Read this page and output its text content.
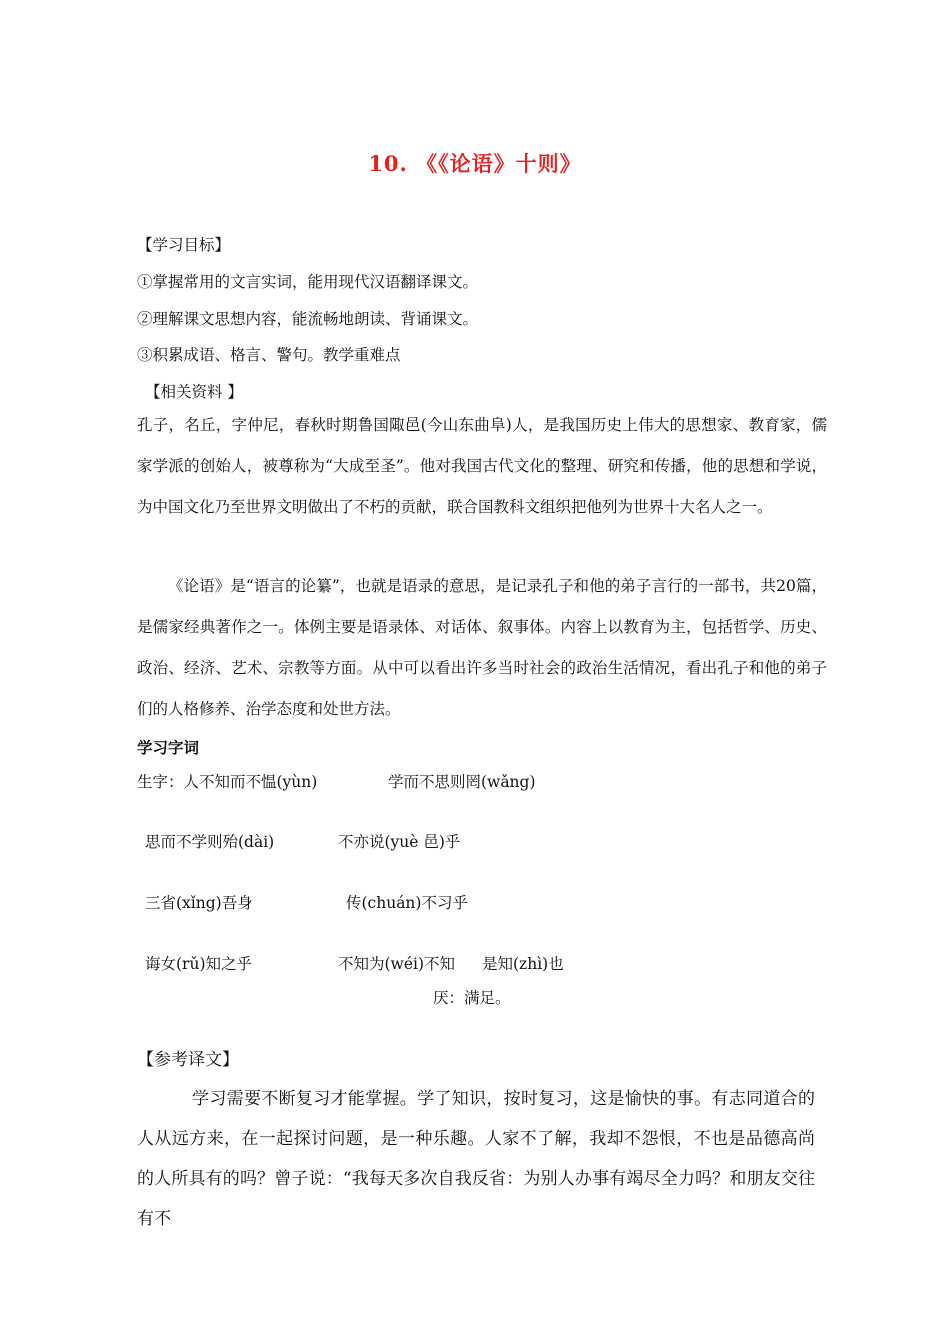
10. 《《论语》十则》
【学习目标】
①掌握常用的文言实词，能用现代汉语翻译课文。
②理解课文思想内容，能流畅地朗读、背诵课文。
③积累成语、格言、警句。教学重难点
【相关资料 】
孔子，名丘，字仲尼，春秋时期鲁国陬邑(今山东曲阜)人，是我国历史上伟大的思想家、教育家，儒家学派的创始人，被尊称为“大成至圣”。他对我国古代文化的整理、研究和传播，他的思想和学说，为中国文化乃至世界文明做出了不朽的贡献，联合国教科文组织把他列为世界十大名人之一。
《论语》是“语言的论纂”，也就是语录的意思，是记录孔子和他的弟子言行的一部书，共20篇，是儒家经典著作之一。体例主要是语录体、对话体、叙事体。内容上以教育为主，包括哲学、历史、政治、经济、艺术、宗教等方面。从中可以看出许多当时社会的政治生活情况，看出孔子和他的弟子们的人格修养、治学态度和处世方法。
学习字词
生字：人不知而不愠(yùn)	学而不思则罔(wǎng)
思而不学则殆(dài)	不亦说(yuè 邑)乎
三省(xǐng)吾身	传(chuán)不习乎
诲女(rǔ)知之乎	不知为(wéi)不知 是知(zhì)也
厌：满足。
【参考译文】
学习需要不断复习才能掌握。学了知识，按时复习，这是愉快的事。有志同道合的人从远方来，在一起探讨问题，是一种乐趣。人家不了解，我却不怨恨，不也是品德高尚的人所具有的吗？曾子说：“我每天多次自我反省：为别人办事有竭尽全力吗？和朋友交往有不
